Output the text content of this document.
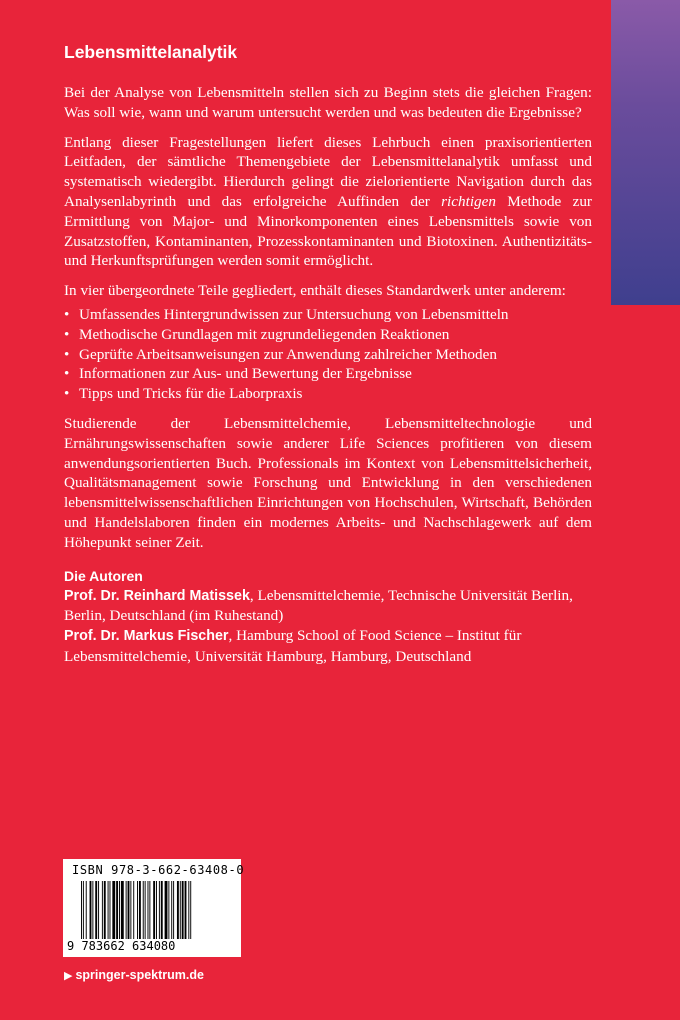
Lebensmittelanalytik

Bei der Analyse von Lebensmitteln stellen sich zu Beginn stets die gleichen Fragen: Was soll wie, wann und warum untersucht werden und was bedeuten die Ergebnisse?

Entlang dieser Fragestellungen liefert dieses Lehrbuch einen praxisorientierten Leitfaden, der sämtliche Themengebiete der Lebensmittelanalytik umfasst und systematisch wiedergibt. Hierdurch gelingt die zielorientierte Navigation durch das Analysenlabyrinth und das erfolgreiche Auffinden der richtigen Methode zur Ermittlung von Major- und Minorkomponenten eines Lebensmittels sowie von Zusatzstoffen, Kontaminanten, Prozesskontaminanten und Biotoxinen. Authentizitäts- und Herkunftsprüfungen werden somit ermöglicht.

In vier übergeordnete Teile gegliedert, enthält dieses Standardwerk unter anderem:

• Umfassendes Hintergrundwissen zur Untersuchung von Lebensmitteln
• Methodische Grundlagen mit zugrundeliegenden Reaktionen
• Geprüfte Arbeitsanweisungen zur Anwendung zahlreicher Methoden
• Informationen zur Aus- und Bewertung der Ergebnisse
• Tipps und Tricks für die Laborpraxis

Studierende der Lebensmittelchemie, Lebensmitteltechnologie und Ernährungswissenschaften sowie anderer Life Sciences profitieren von diesem anwendungsorientierten Buch. Professionals im Kontext von Lebensmittelsicherheit, Qualitätsmanagement sowie Forschung und Entwicklung in den verschiedenen lebensmittelwissenschaftlichen Einrichtungen von Hochschulen, Wirtschaft, Behörden und Handelslaboren finden ein modernes Arbeits- und Nachschlagewerk auf dem Höhepunkt seiner Zeit.

Die Autoren
Prof. Dr. Reinhard Matissek, Lebensmittelchemie, Technische Universität Berlin, Berlin, Deutschland (im Ruhestand)
Prof. Dr. Markus Fischer, Hamburg School of Food Science – Institut für Lebensmittelchemie, Universität Hamburg, Hamburg, Deutschland
ISBN 978-3-662-63408-0
9 783662 634080
▶ springer-spektrum.de
